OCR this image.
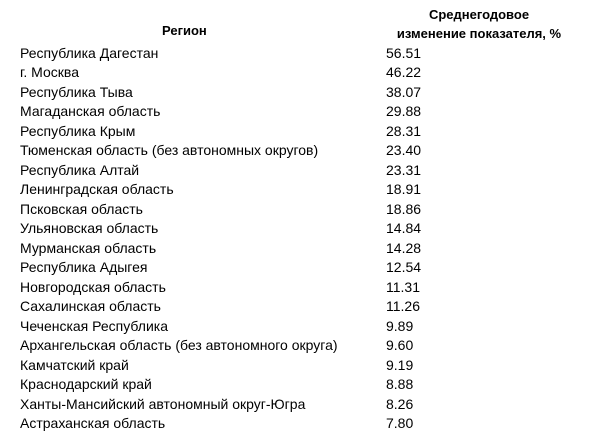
Регион
Среднегодовое
изменение показателя, %
Республика Дагестан	56.51
г. Москва	46.22
Республика Тыва	38.07
Магаданская область	29.88
Республика Крым	28.31
Тюменская область (без автономных округов)	23.40
Республика Алтай	23.31
Ленинградская область	18.91
Псковская область	18.86
Ульяновская область	14.84
Мурманская область	14.28
Республика Адыгея	12.54
Новгородская область	11.31
Сахалинская область	11.26
Чеченская Республика	9.89
Архангельская область (без автономного округа)	9.60
Камчатский край	9.19
Краснодарский край	8.88
Ханты-Мансийский автономный округ-Югра	8.26
Астраханская область	7.80
